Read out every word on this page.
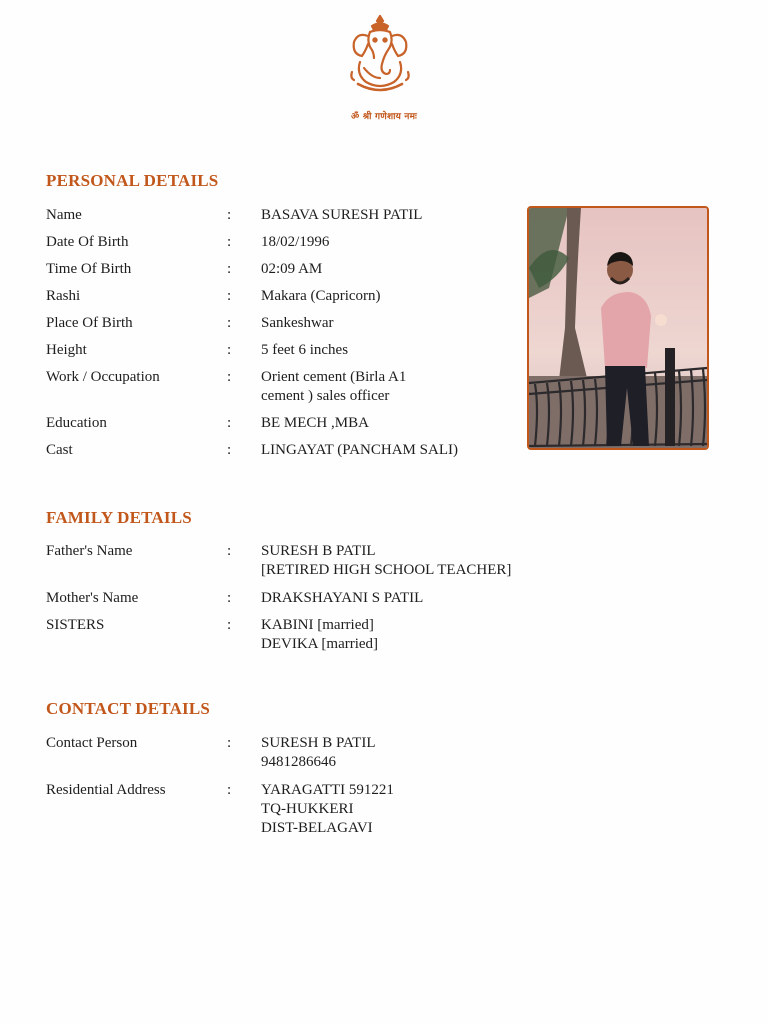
ॐ श्री गणेशाय नमः
PERSONAL DETAILS
Name	:	BASAVA SURESH PATIL
Date Of Birth	:	18/02/1996
Time Of Birth	:	02:09 AM
Rashi	:	Makara (Capricorn)
Place Of Birth	:	Sankeshwar
Height	:	5 feet 6 inches
Work / Occupation	:	Orient cement (Birla A1
cement ) sales officer
Education	:	BE MECH ,MBA
Cast	:	LINGAYAT (PANCHAM SALI)
FAMILY DETAILS
Father's Name	:	SURESH B PATIL
[RETIRED HIGH SCHOOL TEACHER]
Mother's Name	:	DRAKSHAYANI S PATIL
SISTERS	:	KABINI [married]
DEVIKA [married]
CONTACT DETAILS
Contact Person	:	SURESH B PATIL
9481286646
Residential Address	:	YARAGATTI 591221
TQ-HUKKERI
DIST-BELAGAVI
